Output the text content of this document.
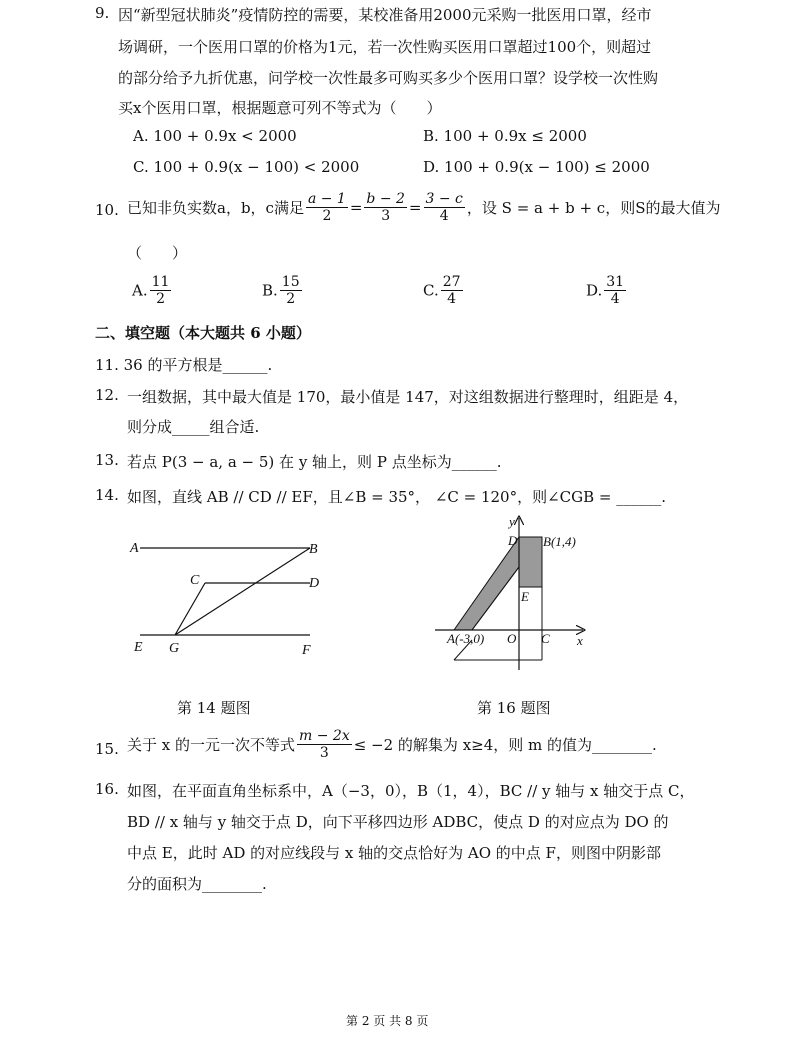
9. 因“新型冠状肺炎”疫情防控的需要，某校准备用2000元采购一批医用口罩，经市
场调研，一个医用口罩的价格为1元，若一次性购买医用口罩超过100个，则超过
的部分给予九折优惠，问学校一次性最多可购买多少个医用口罩？设学校一次性购
买x个医用口罩，根据题意可列不等式为（　　）
A. 100 + 0.9x < 2000	B. 100 + 0.9x ≤ 2000
C. 100 + 0.9(x − 100) < 2000	D. 100 + 0.9(x − 100) ≤ 2000
10. 已知非负实数a，b，c满足 $\frac{a - 1}{2} = \frac{b - 2}{3} = \frac{3 - c}{4}$ ，设 S = a + b + c，则S的最大值为
（　　）
A. $\frac{11}{2}$	B. $\frac{15}{2}$	C. $\frac{27}{4}$	D. $\frac{31}{4}$
二、填空题（本大题共 6 小题）
11. 36 的平方根是______.
12. 一组数据，其中最大值是 170，最小值是 147，对这组数据进行整理时，组距是 4，
则分成_____组合适.
13. 若点 P(3 − a, a − 5) 在 y 轴上，则 P 点坐标为______.
14. 如图，直线 AB // CD // EF，且∠B = 35°， ∠C = 120°，则∠CGB = ______.
A	B
C	D
E G	F
第 14 题图
y
x
D B(1,4)
E
A(-3,0) O C
第 16 题图
15. 关于 x 的一元一次不等式 $\frac{m - 2x}{3} \le -2$ 的解集为 x≥4，则 m 的值为________.
16. 如图，在平面直角坐标系中，A（−3，0），B（1，4），BC // y 轴与 x 轴交于点 C，
BD // x 轴与 y 轴交于点 D，向下平移四边形 ADBC，使点 D 的对应点为 DO 的
中点 E，此时 AD 的对应线段与 x 轴的交点恰好为 AO 的中点 F，则图中阴影部
分的面积为________.
第 2 页 共 8 页
